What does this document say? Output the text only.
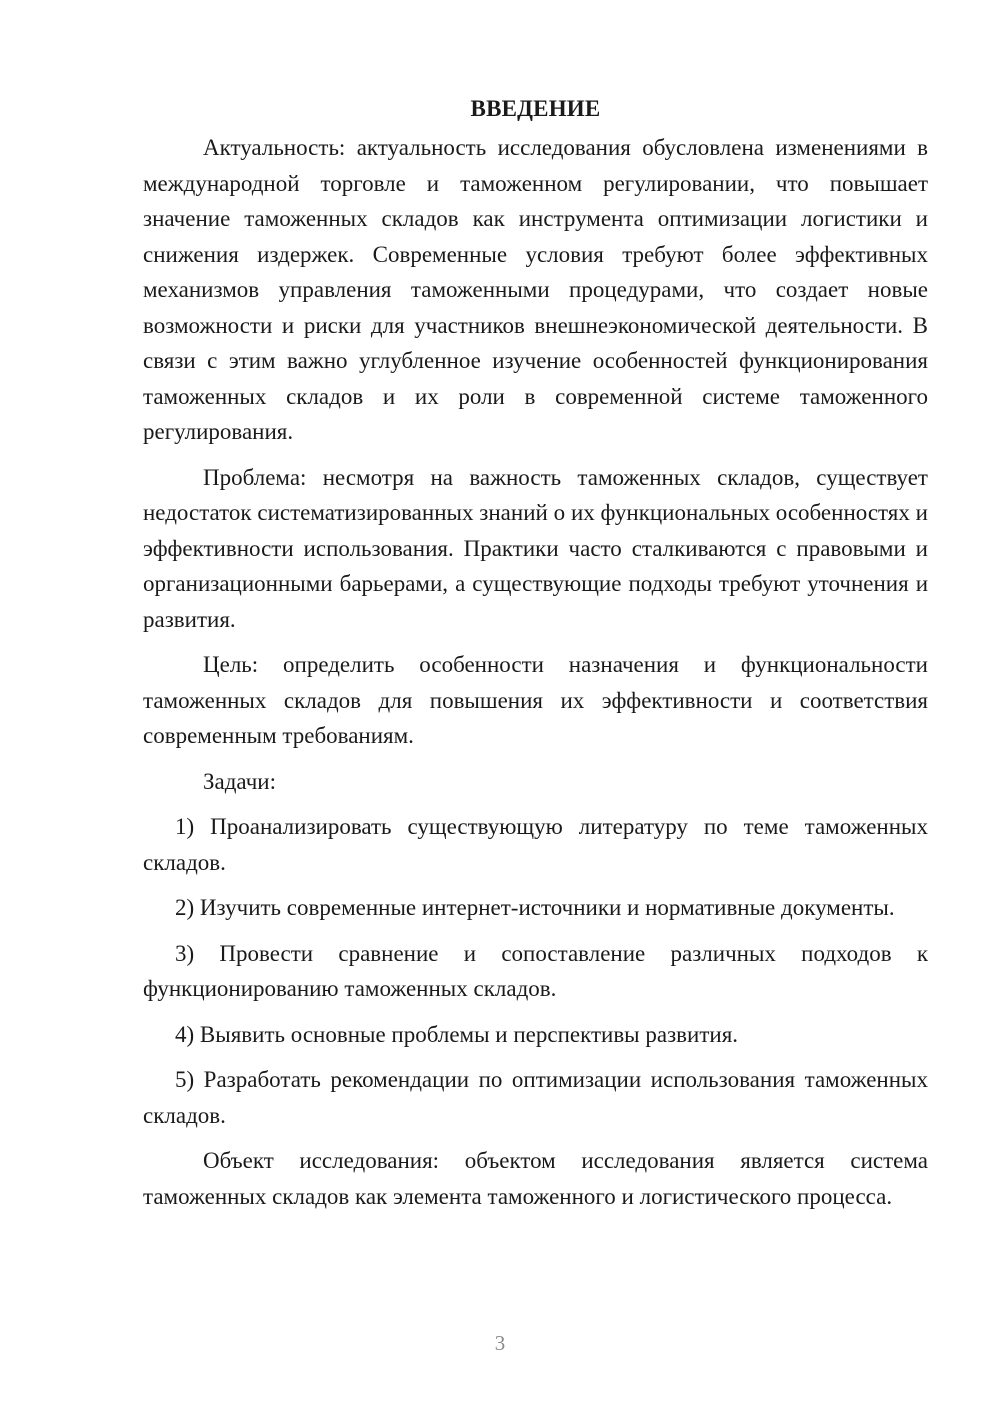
ВВЕДЕНИЕ

Актуальность: актуальность исследования обусловлена изменениями в международной торговле и таможенном регулировании, что повышает значение таможенных складов как инструмента оптимизации логистики и снижения издержек. Современные условия требуют более эффективных механизмов управления таможенными процедурами, что создает новые возможности и риски для участников внешнеэкономической деятельности. В связи с этим важно углубленное изучение особенностей функционирования таможенных складов и их роли в современной системе таможенного регулирования.

Проблема: несмотря на важность таможенных складов, существует недостаток систематизированных знаний о их функциональных особенностях и эффективности использования. Практики часто сталкиваются с правовыми и организационными барьерами, а существующие подходы требуют уточнения и развития.

Цель: определить особенности назначения и функциональности таможенных складов для повышения их эффективности и соответствия современным требованиям.

Задачи:

1) Проанализировать существующую литературу по теме таможенных складов.

2) Изучить современные интернет-источники и нормативные документы.

3) Провести сравнение и сопоставление различных подходов к функционированию таможенных складов.

4) Выявить основные проблемы и перспективы развития.

5) Разработать рекомендации по оптимизации использования таможенных складов.

Объект исследования: объектом исследования является система таможенных складов как элемента таможенного и логистического процесса.

3
